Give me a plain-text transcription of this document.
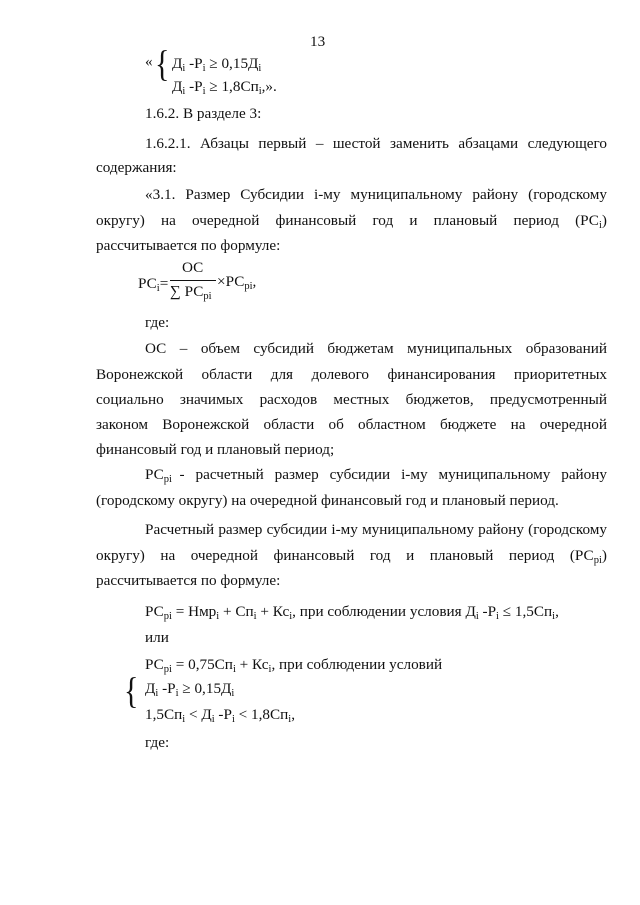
13
« { $Д_i$ $-P_i \ge 0,15Д_i$
$Д_i$ $-P_i \ge 1,8Сп_i$,».
1.6.2. В разделе 3:
1.6.2.1. Абзацы первый – шестой заменить абзацами следующего
содержания:
«3.1. Размер Субсидии i-му муниципальному району (городскому
округу) на очередной финансовый год и плановый период $(РС_i)$
рассчитывается по формуле:
$РС_i=$
ОС
∑ $РС_{pi}$
$\times РС_{pi}$,
где:
ОС – объем субсидий бюджетам муниципальных образований
Воронежской области для долевого финансирования приоритетных
социально значимых расходов местных бюджетов, предусмотренный
законом Воронежской области об областном бюджете на очередной
финансовый год и плановый период;
$РС_{pi}$  - расчетный размер субсидии i-му муниципальному району
(городскому округу) на очередной финансовый год и плановый период.
Расчетный размер субсидии i-му муниципальному району (городскому
округу) на очередной финансовый год и плановый период $(РС_{pi})$
рассчитывается по формуле:
$РС_{pi} = Нмр_i + Сп_i + Кс_i$, при соблюдении условия $Д_i$ $-P_i \le 1,5Сп_i$,
или
$РС_{pi} = 0,75Сп_i + Кс_i$, при соблюдении условий
{ $Д_i$ $-P_i \ge 0,15Д_i$
$1,5Сп_i < Д_i$ $-P_i < 1,8Сп_i$,
где:
